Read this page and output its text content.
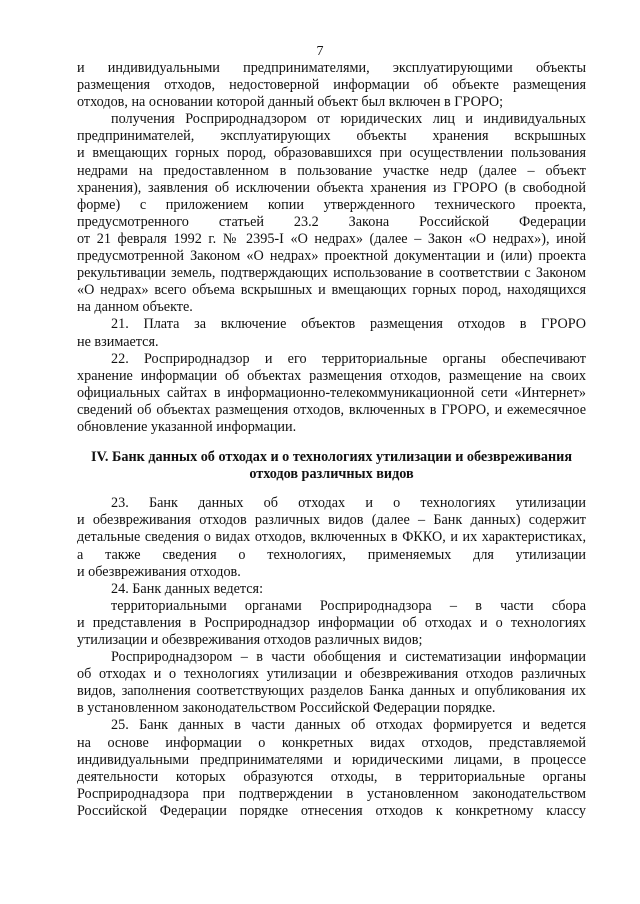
7
и индивидуальными предпринимателями, эксплуатирующими объекты
размещения отходов, недостоверной информации об объекте размещения
отходов, на основании которой данный объект был включен в ГРОРО;
получения Росприроднадзором от юридических лиц и индивидуальных
предпринимателей, эксплуатирующих объекты хранения вскрышных
и вмещающих горных пород, образовавшихся при осуществлении пользования
недрами на предоставленном в пользование участке недр (далее – объект
хранения), заявления об исключении объекта хранения из ГРОРО (в свободной
форме) с приложением копии утвержденного технического проекта,
предусмотренного статьей 23.2 Закона Российской Федерации
от 21 февраля 1992 г. № 2395-I «О недрах» (далее – Закон «О недрах»), иной
предусмотренной Законом «О недрах» проектной документации и (или) проекта
рекультивации земель, подтверждающих использование в соответствии с Законом
«О недрах» всего объема вскрышных и вмещающих горных пород, находящихся
на данном объекте.
21. Плата за включение объектов размещения отходов в ГРОРО
не взимается.
22. Росприроднадзор и его территориальные органы обеспечивают
хранение информации об объектах размещения отходов, размещение на своих
официальных сайтах в информационно-телекоммуникационной сети «Интернет»
сведений об объектах размещения отходов, включенных в ГРОРО, и ежемесячное
обновление указанной информации.
IV. Банк данных об отходах и о технологиях утилизации и обезвреживания
отходов различных видов
23. Банк данных об отходах и о технологиях утилизации
и обезвреживания отходов различных видов (далее – Банк данных) содержит
детальные сведения о видах отходов, включенных в ФККО, и их характеристиках,
а также сведения о технологиях, применяемых для утилизации
и обезвреживания отходов.
24. Банк данных ведется:
территориальными органами Росприроднадзора – в части сбора
и представления в Росприроднадзор информации об отходах и о технологиях
утилизации и обезвреживания отходов различных видов;
Росприроднадзором – в части обобщения и систематизации информации
об отходах и о технологиях утилизации и обезвреживания отходов различных
видов, заполнения соответствующих разделов Банка данных и опубликования их
в установленном законодательством Российской Федерации порядке.
25. Банк данных в части данных об отходах формируется и ведется
на основе информации о конкретных видах отходов, представляемой
индивидуальными предпринимателями и юридическими лицами, в процессе
деятельности которых образуются отходы, в территориальные органы
Росприроднадзора при подтверждении в установленном законодательством
Российской Федерации порядке отнесения отходов к конкретному классу
